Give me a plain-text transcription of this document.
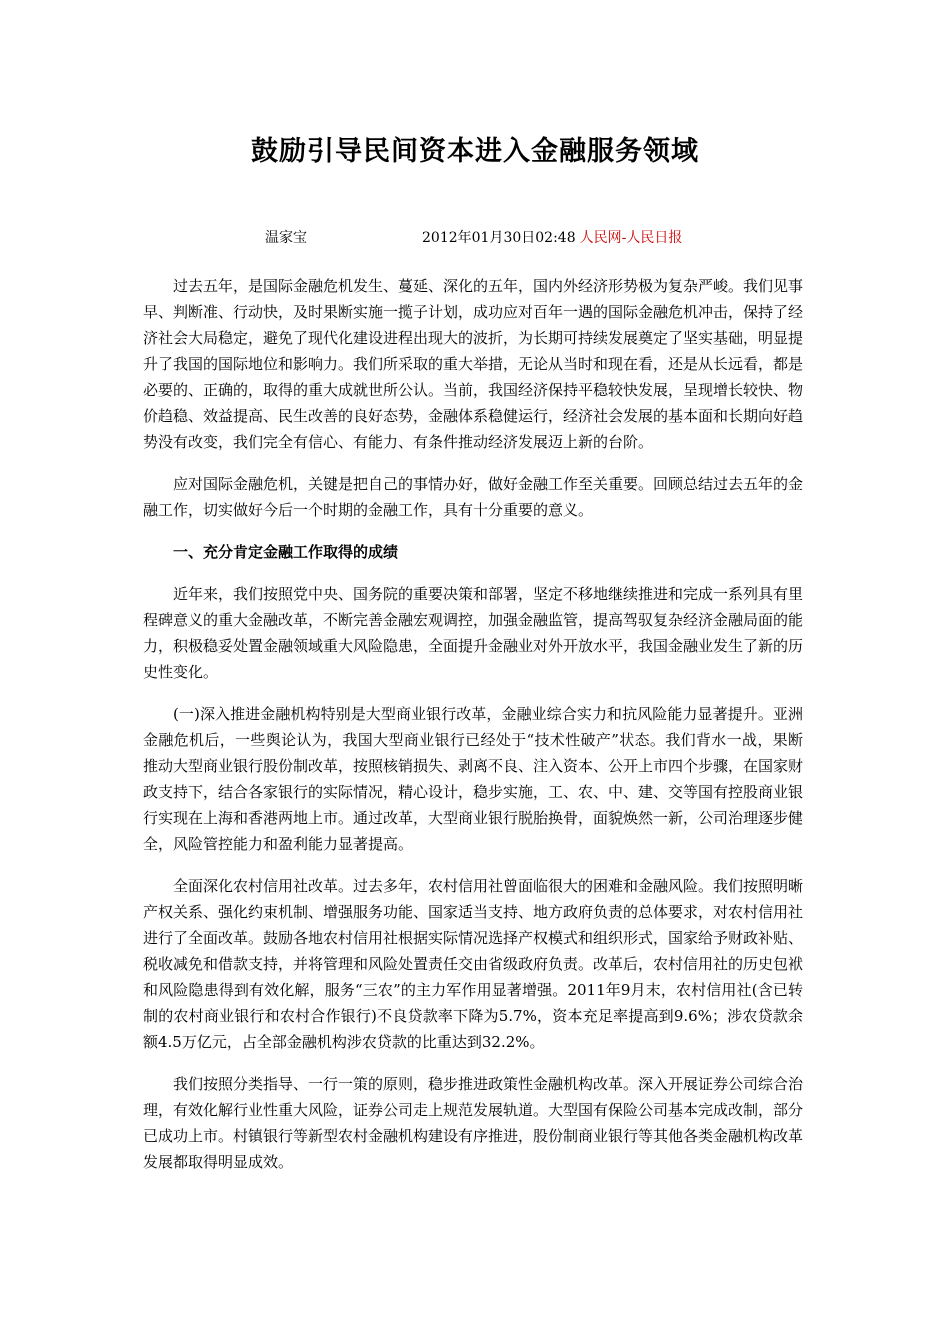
鼓励引导民间资本进入金融服务领域
温家宝	2012年01月30日02:48 人民网-人民日报

过去五年，是国际金融危机发生、蔓延、深化的五年，国内外经济形势极为复杂严峻。我们见事早、判断准、行动快，及时果断实施一揽子计划，成功应对百年一遇的国际金融危机冲击，保持了经济社会大局稳定，避免了现代化建设进程出现大的波折，为长期可持续发展奠定了坚实基础，明显提升了我国的国际地位和影响力。我们所采取的重大举措，无论从当时和现在看，还是从长远看，都是必要的、正确的，取得的重大成就世所公认。当前，我国经济保持平稳较快发展，呈现增长较快、物价趋稳、效益提高、民生改善的良好态势，金融体系稳健运行，经济社会发展的基本面和长期向好趋势没有改变，我们完全有信心、有能力、有条件推动经济发展迈上新的台阶。

应对国际金融危机，关键是把自己的事情办好，做好金融工作至关重要。回顾总结过去五年的金融工作，切实做好今后一个时期的金融工作，具有十分重要的意义。

一、充分肯定金融工作取得的成绩

近年来，我们按照党中央、国务院的重要决策和部署，坚定不移地继续推进和完成一系列具有里程碑意义的重大金融改革，不断完善金融宏观调控，加强金融监管，提高驾驭复杂经济金融局面的能力，积极稳妥处置金融领域重大风险隐患，全面提升金融业对外开放水平，我国金融业发生了新的历史性变化。

(一)深入推进金融机构特别是大型商业银行改革，金融业综合实力和抗风险能力显著提升。亚洲金融危机后，一些舆论认为，我国大型商业银行已经处于“技术性破产”状态。我们背水一战，果断推动大型商业银行股份制改革，按照核销损失、剥离不良、注入资本、公开上市四个步骤，在国家财政支持下，结合各家银行的实际情况，精心设计，稳步实施，工、农、中、建、交等国有控股商业银行实现在上海和香港两地上市。通过改革，大型商业银行脱胎换骨，面貌焕然一新，公司治理逐步健全，风险管控能力和盈利能力显著提高。

全面深化农村信用社改革。过去多年，农村信用社曾面临很大的困难和金融风险。我们按照明晰产权关系、强化约束机制、增强服务功能、国家适当支持、地方政府负责的总体要求，对农村信用社进行了全面改革。鼓励各地农村信用社根据实际情况选择产权模式和组织形式，国家给予财政补贴、税收减免和借款支持，并将管理和风险处置责任交由省级政府负责。改革后，农村信用社的历史包袱和风险隐患得到有效化解，服务“三农”的主力军作用显著增强。2011年9月末，农村信用社(含已转制的农村商业银行和农村合作银行)不良贷款率下降为5.7%，资本充足率提高到9.6%；涉农贷款余额4.5万亿元，占全部金融机构涉农贷款的比重达到32.2%。

我们按照分类指导、一行一策的原则，稳步推进政策性金融机构改革。深入开展证券公司综合治理，有效化解行业性重大风险，证券公司走上规范发展轨道。大型国有保险公司基本完成改制，部分已成功上市。村镇银行等新型农村金融机构建设有序推进，股份制商业银行等其他各类金融机构改革发展都取得明显成效。
